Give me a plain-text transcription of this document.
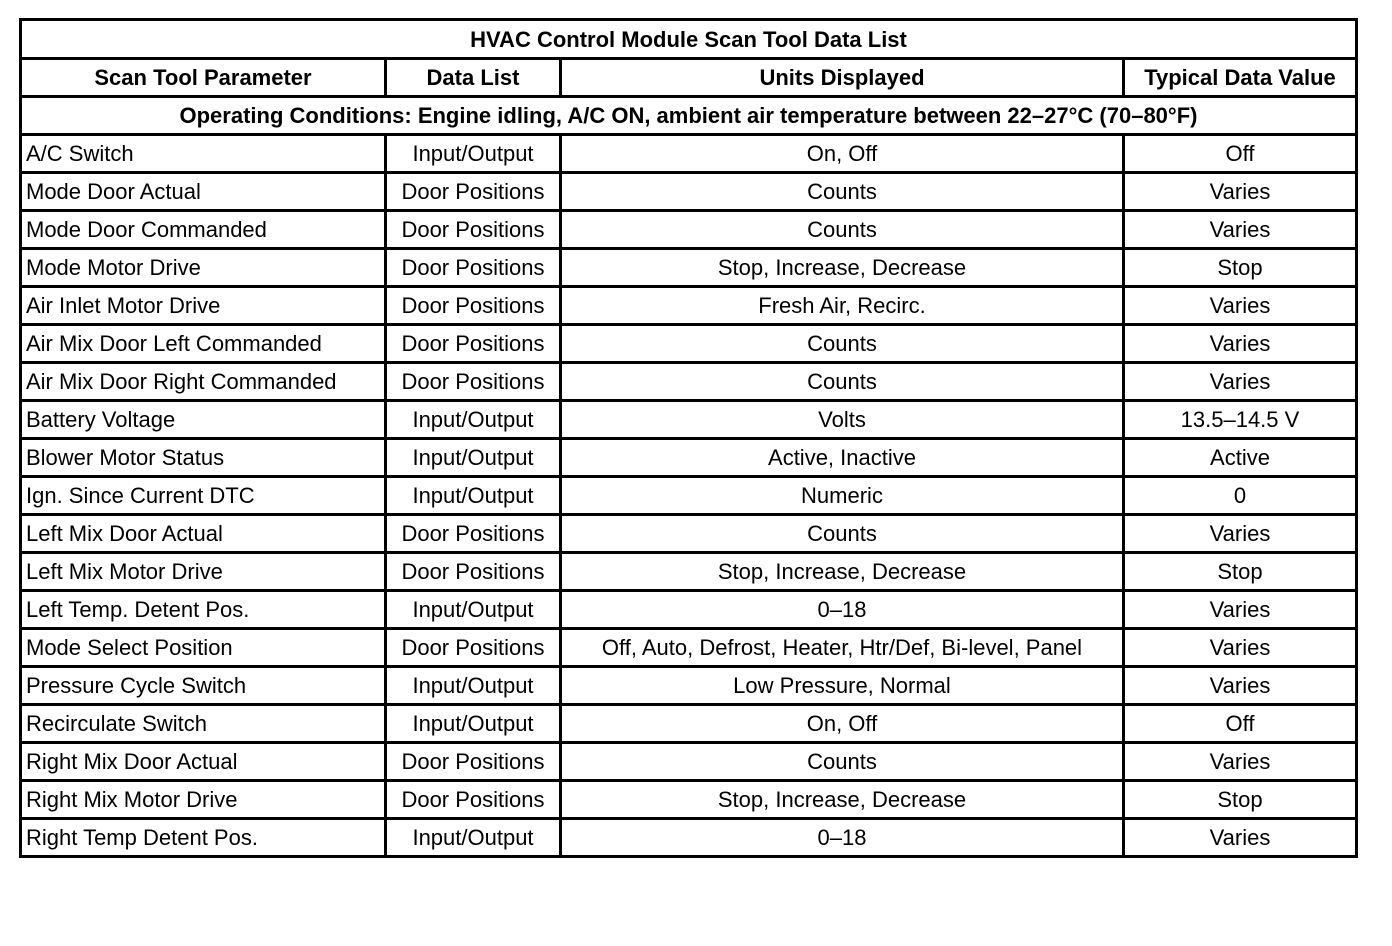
HVAC Control Module Scan Tool Data List			
Scan Tool Parameter	Data List	Units Displayed	Typical Data Value
Operating Conditions: Engine idling, A/C ON, ambient air temperature between 22–27°C (70–80°F)			
A/C Switch	Input/Output	On, Off	Off
Mode Door Actual	Door Positions	Counts	Varies
Mode Door Commanded	Door Positions	Counts	Varies
Mode Motor Drive	Door Positions	Stop, Increase, Decrease	Stop
Air Inlet Motor Drive	Door Positions	Fresh Air, Recirc.	Varies
Air Mix Door Left Commanded	Door Positions	Counts	Varies
Air Mix Door Right Commanded	Door Positions	Counts	Varies
Battery Voltage	Input/Output	Volts	13.5–14.5 V
Blower Motor Status	Input/Output	Active, Inactive	Active
Ign. Since Current DTC	Input/Output	Numeric	0
Left Mix Door Actual	Door Positions	Counts	Varies
Left Mix Motor Drive	Door Positions	Stop, Increase, Decrease	Stop
Left Temp. Detent Pos.	Input/Output	0–18	Varies
Mode Select Position	Door Positions	Off, Auto, Defrost, Heater, Htr/Def, Bi-level, Panel	Varies
Pressure Cycle Switch	Input/Output	Low Pressure, Normal	Varies
Recirculate Switch	Input/Output	On, Off	Off
Right Mix Door Actual	Door Positions	Counts	Varies
Right Mix Motor Drive	Door Positions	Stop, Increase, Decrease	Stop
Right Temp Detent Pos.	Input/Output	0–18	Varies
